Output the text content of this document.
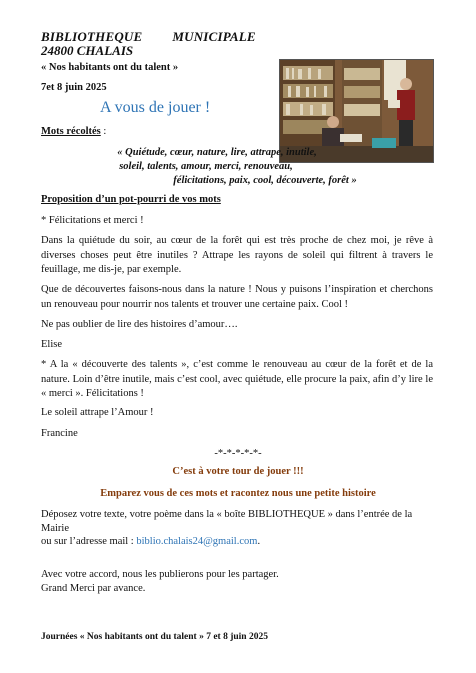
BIBLIOTHEQUE MUNICIPALE
24800 CHALAIS
« Nos habitants ont du talent »
7et 8 juin 2025
A vous de jouer !
Mots récoltés :
« Quiétude, cœur, nature, lire, attrape, inutile,
soleil, talents, amour, merci, renouveau,
félicitations, paix, cool, découverte, forêt »
Proposition d’un pot-pourri de vos mots
* Félicitations et merci !
Dans la quiétude du soir, au cœur de la forêt qui est très proche de chez moi, je rêve à diverses choses peut être inutiles ? Attrape les rayons de soleil qui filtrent à travers le feuillage, me dis-je, par exemple.
Que de découvertes faisons-nous dans la nature ! Nous y puisons l’inspiration et cherchons un renouveau pour nourrir nos talents et trouver une certaine paix. Cool !
Ne pas oublier de lire des histoires d’amour….
Elise
* A la « découverte des talents », c’est comme le renouveau au cœur de la forêt et de la nature. Loin d’être inutile, mais c’est cool, avec quiétude, elle procure la paix, afin d’y lire le « merci ». Félicitations !
Le soleil attrape l’Amour !
Francine
-*-*-*-*-*-
C’est à votre tour de jouer !!!
Emparez vous de ces mots et racontez nous une petite histoire
Déposez votre texte, votre poème dans la « boîte BIBLIOTHEQUE » dans l’entrée de la Mairie
ou sur l’adresse mail : biblio.chalais24@gmail.com.
Avec votre accord, nous les publierons pour les partager.
Grand Merci par avance.
Journées « Nos habitants ont du talent » 7 et 8 juin 2025
